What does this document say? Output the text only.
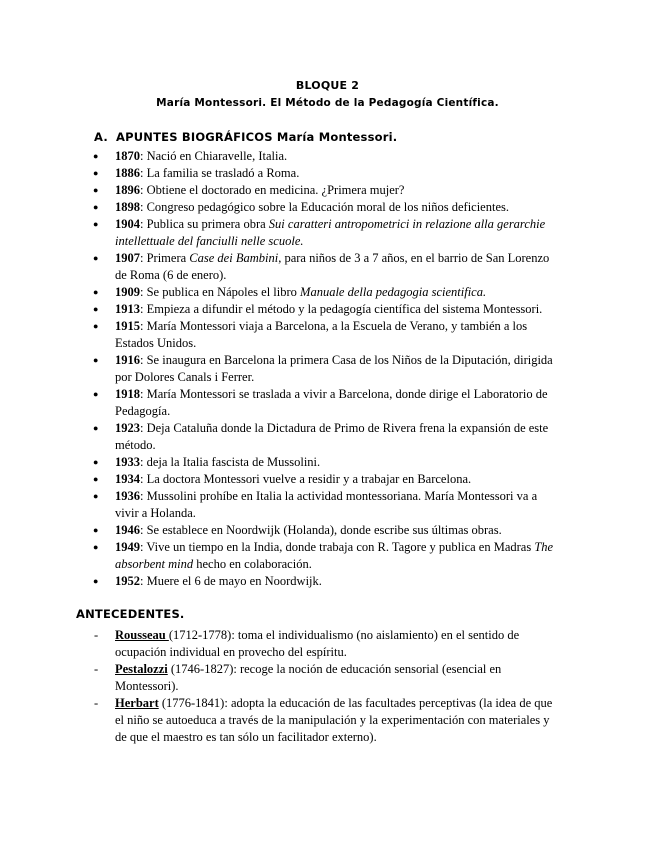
BLOQUE 2
María Montessori. El Método de la Pedagogía Científica.
A. APUNTES BIOGRÁFICOS María Montessori.
● 1870: Nació en Chiaravelle, Italia.
● 1886: La familia se trasladó a Roma.
● 1896: Obtiene el doctorado en medicina. ¿Primera mujer?
● 1898: Congreso pedagógico sobre la Educación moral de los niños deficientes.
● 1904: Publica su primera obra Sui caratteri antropometrici in relazione alla gerarchie intellettuale del fanciulli nelle scuole.
● 1907: Primera Case dei Bambini, para niños de 3 a 7 años, en el barrio de San Lorenzo de Roma (6 de enero).
● 1909: Se publica en Nápoles el libro Manuale della pedagogia scientifica.
● 1913: Empieza a difundir el método y la pedagogía científica del sistema Montessori.
● 1915: María Montessori viaja a Barcelona, a la Escuela de Verano, y también a los Estados Unidos.
● 1916: Se inaugura en Barcelona la primera Casa de los Niños de la Diputación, dirigida por Dolores Canals i Ferrer.
● 1918: María Montessori se traslada a vivir a Barcelona, donde dirige el Laboratorio de Pedagogía.
● 1923: Deja Cataluña donde la Dictadura de Primo de Rivera frena la expansión de este método.
● 1933: deja la Italia fascista de Mussolini.
● 1934: La doctora Montessori vuelve a residir y a trabajar en Barcelona.
● 1936: Mussolini prohíbe en Italia la actividad montessoriana. María Montessori va a vivir a Holanda.
● 1946: Se establece en Noordwijk (Holanda), donde escribe sus últimas obras.
● 1949: Vive un tiempo en la India, donde trabaja con R. Tagore y publica en Madras The absorbent mind hecho en colaboración.
● 1952: Muere el 6 de mayo en Noordwijk.
ANTECEDENTES.
- Rousseau (1712-1778): toma el individualismo (no aislamiento) en el sentido de ocupación individual en provecho del espíritu.
- Pestalozzi (1746-1827): recoge la noción de educación sensorial (esencial en Montessori).
- Herbart (1776-1841): adopta la educación de las facultades perceptivas (la idea de que el niño se autoeduca a través de la manipulación y la experimentación con materiales y de que el maestro es tan sólo un facilitador externo).
